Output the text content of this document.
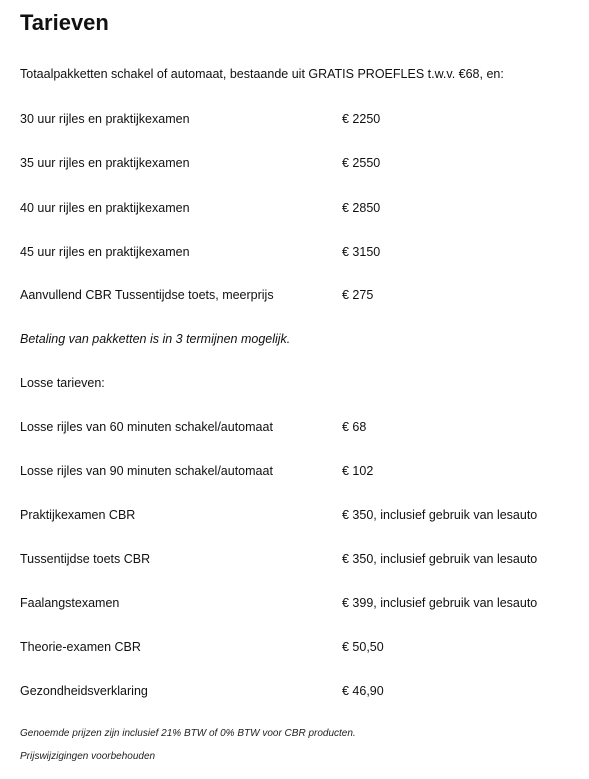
Tarieven
Totaalpakketten schakel of automaat, bestaande uit GRATIS PROEFLES t.w.v. €68, en:
30 uur rijles en praktijkexamen	€ 2250
35 uur rijles en praktijkexamen	€ 2550
40 uur rijles en praktijkexamen	€ 2850
45 uur rijles en praktijkexamen	€ 3150
Aanvullend CBR Tussentijdse toets, meerprijs	€ 275
Betaling van pakketten is in 3 termijnen mogelijk.
Losse tarieven:
Losse rijles van 60 minuten schakel/automaat	€ 68
Losse rijles van 90 minuten schakel/automaat	€ 102
Praktijkexamen CBR	€ 350, inclusief gebruik van lesauto
Tussentijdse toets CBR	€ 350, inclusief gebruik van lesauto
Faalangstexamen	€ 399, inclusief gebruik van lesauto
Theorie-examen CBR	€ 50,50
Gezondheidsverklaring	€ 46,90
Genoemde prijzen zijn inclusief 21% BTW of 0% BTW voor CBR producten.
Prijswijzigingen voorbehouden
